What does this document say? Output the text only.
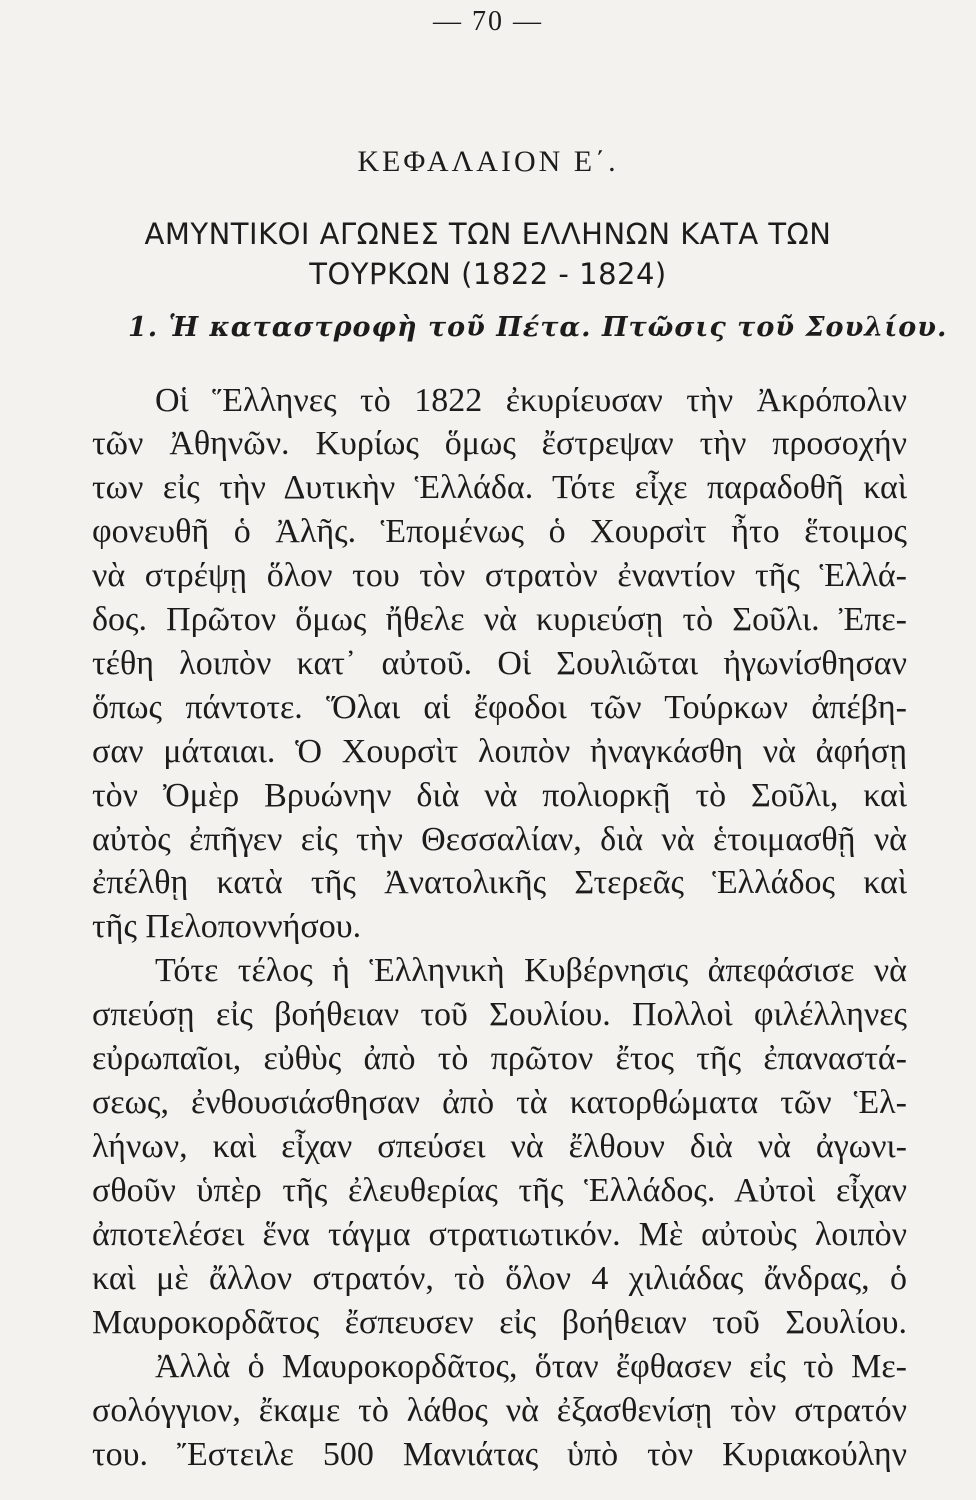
— 70 —
ΚΕΦΑΛΑΙΟΝ Ε΄.
ΑΜΥΝΤΙΚΟΙ ΑΓΩΝΕΣ ΤΩΝ ΕΛΛΗΝΩΝ ΚΑΤΑ ΤΩΝ
ΤΟΥΡΚΩΝ (1822 - 1824)
1. Ἡ καταστροφὴ τοῦ Πέτα. Πτῶσις τοῦ Σουλίου.
Οἱ Ἕλληνες τὸ 1822 ἐκυρίευσαν τὴν Ἀκρόπολιν
τῶν Ἀθηνῶν. Κυρίως ὅμως ἔστρεψαν τὴν προσοχήν
των εἰς τὴν Δυτικὴν Ἑλλάδα. Τότε εἶχε παραδοθῆ καὶ
φονευθῆ ὁ Ἀλῆς. Ἑπομένως ὁ Χουρσὶτ ἦτο ἕτοιμος
νὰ στρέψῃ ὅλον του τὸν στρατὸν ἐναντίον τῆς Ἑλλά-
δος. Πρῶτον ὅμως ἤθελε νὰ κυριεύσῃ τὸ Σοῦλι. Ἐπε-
τέθη λοιπὸν κατ᾽ αὐτοῦ. Οἱ Σουλιῶται ἠγωνίσθησαν
ὅπως πάντοτε. Ὅλαι αἱ ἔφοδοι τῶν Τούρκων ἀπέβη-
σαν μάταιαι. Ὁ Χουρσὶτ λοιπὸν ἠναγκάσθη νὰ ἀφήσῃ
τὸν Ὀμὲρ Βρυώνην διὰ νὰ πολιορκῇ τὸ Σοῦλι, καὶ
αὐτὸς ἐπῆγεν εἰς τὴν Θεσσαλίαν, διὰ νὰ ἑτοιμασθῇ νὰ
ἐπέλθῃ κατὰ τῆς Ἀνατολικῆς Στερεᾶς Ἑλλάδος καὶ
τῆς Πελοποννήσου.
Τότε τέλος ἡ Ἑλληνικὴ Κυβέρνησις ἀπεφάσισε νὰ
σπεύσῃ εἰς βοήθειαν τοῦ Σουλίου. Πολλοὶ φιλέλληνες
εὐρωπαῖοι, εὐθὺς ἀπὸ τὸ πρῶτον ἔτος τῆς ἐπαναστά-
σεως, ἐνθουσιάσθησαν ἀπὸ τὰ κατορθώματα τῶν Ἑλ-
λήνων, καὶ εἶχαν σπεύσει νὰ ἔλθουν διὰ νὰ ἀγωνι-
σθοῦν ὑπὲρ τῆς ἐλευθερίας τῆς Ἑλλάδος. Αὐτοὶ εἶχαν
ἀποτελέσει ἕνα τάγμα στρατιωτικόν. Μὲ αὐτοὺς λοιπὸν
καὶ μὲ ἄλλον στρατόν, τὸ ὅλον 4 χιλιάδας ἄνδρας, ὁ
Μαυροκορδᾶτος ἔσπευσεν εἰς βοήθειαν τοῦ Σουλίου.
Ἀλλὰ ὁ Μαυροκορδᾶτος, ὅταν ἔφθασεν εἰς τὸ Με-
σολόγγιον, ἔκαμε τὸ λάθος νὰ ἐξασθενίσῃ τὸν στρατόν
του. Ἔστειλε 500 Μανιάτας ὑπὸ τὸν Κυριακούλην
